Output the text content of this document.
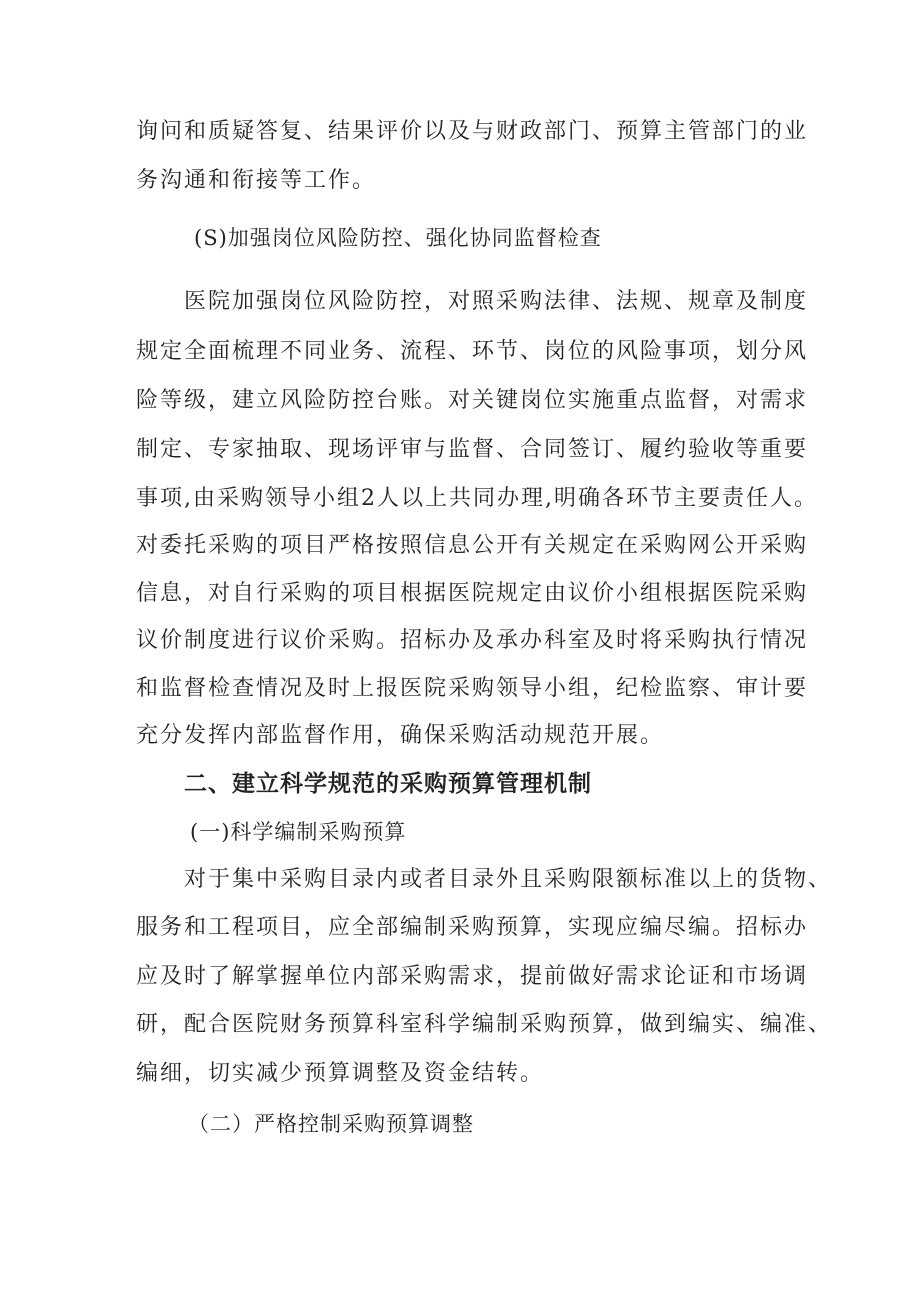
询问和质疑答复、结果评价以及与财政部门、预算主管部门的业
务沟通和衔接等工作。
(S)加强岗位风险防控、强化协同监督检查
医院加强岗位风险防控，对照采购法律、法规、规章及制度
规定全面梳理不同业务、流程、环节、岗位的风险事项，划分风
险等级，建立风险防控台账。对关键岗位实施重点监督，对需求
制定、专家抽取、现场评审与监督、合同签订、履约验收等重要
事项,由采购领导小组2人以上共同办理,明确各环节主要责任人。
对委托采购的项目严格按照信息公开有关规定在采购网公开采购
信息，对自行采购的项目根据医院规定由议价小组根据医院采购
议价制度进行议价采购。招标办及承办科室及时将采购执行情况
和监督检查情况及时上报医院采购领导小组，纪检监察、审计要
充分发挥内部监督作用，确保采购活动规范开展。
二、建立科学规范的采购预算管理机制
(一)科学编制采购预算
对于集中采购目录内或者目录外且采购限额标准以上的货物、
服务和工程项目，应全部编制采购预算，实现应编尽编。招标办
应及时了解掌握单位内部采购需求，提前做好需求论证和市场调
研，配合医院财务预算科室科学编制采购预算，做到编实、编准、
编细，切实减少预算调整及资金结转。
（二）严格控制采购预算调整
